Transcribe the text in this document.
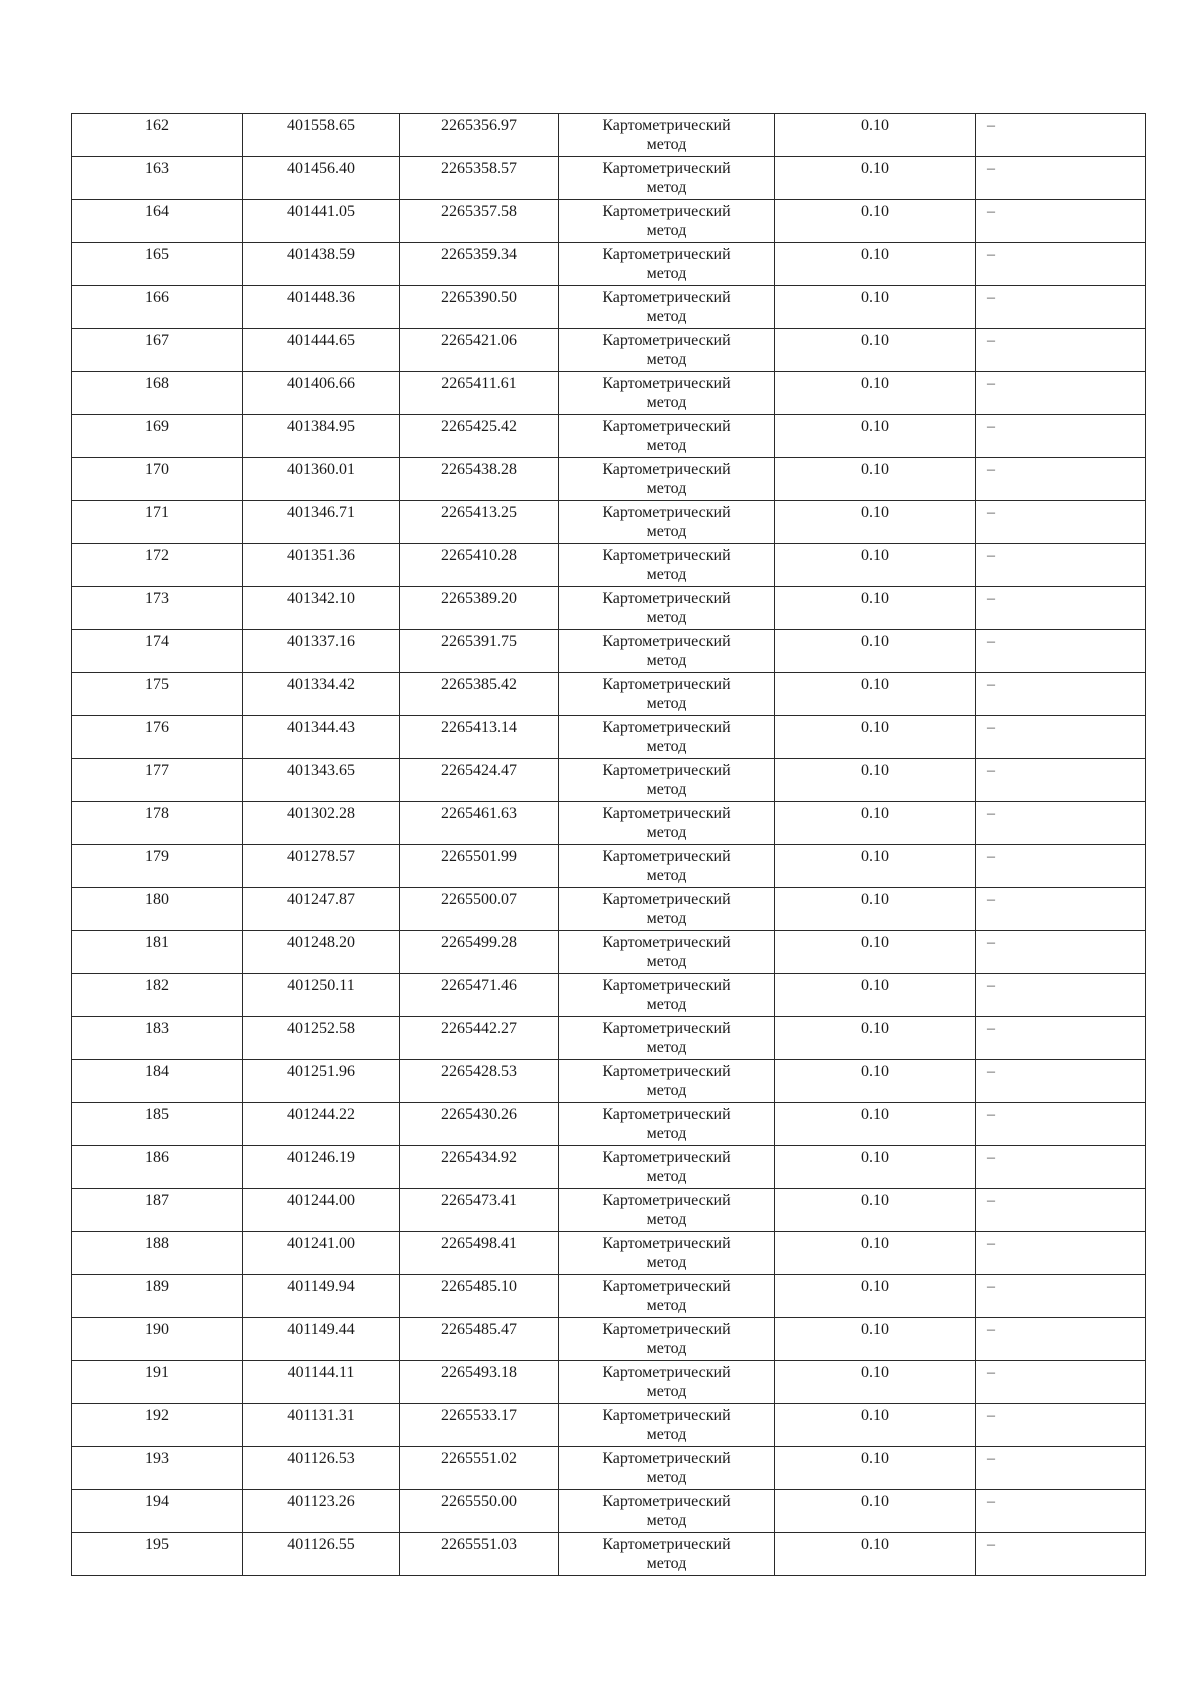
162	401558.65	2265356.97	Картометрический
метод	0.10	–

163	401456.40	2265358.57	Картометрический
метод	0.10	–

164	401441.05	2265357.58	Картометрический
метод	0.10	–

165	401438.59	2265359.34	Картометрический
метод	0.10	–

166	401448.36	2265390.50	Картометрический
метод	0.10	–

167	401444.65	2265421.06	Картометрический
метод	0.10	–

168	401406.66	2265411.61	Картометрический
метод	0.10	–

169	401384.95	2265425.42	Картометрический
метод	0.10	–

170	401360.01	2265438.28	Картометрический
метод	0.10	–

171	401346.71	2265413.25	Картометрический
метод	0.10	–

172	401351.36	2265410.28	Картометрический
метод	0.10	–

173	401342.10	2265389.20	Картометрический
метод	0.10	–

174	401337.16	2265391.75	Картометрический
метод	0.10	–

175	401334.42	2265385.42	Картометрический
метод	0.10	–

176	401344.43	2265413.14	Картометрический
метод	0.10	–

177	401343.65	2265424.47	Картометрический
метод	0.10	–

178	401302.28	2265461.63	Картометрический
метод	0.10	–

179	401278.57	2265501.99	Картометрический
метод	0.10	–

180	401247.87	2265500.07	Картометрический
метод	0.10	–

181	401248.20	2265499.28	Картометрический
метод	0.10	–

182	401250.11	2265471.46	Картометрический
метод	0.10	–

183	401252.58	2265442.27	Картометрический
метод	0.10	–

184	401251.96	2265428.53	Картометрический
метод	0.10	–

185	401244.22	2265430.26	Картометрический
метод	0.10	–

186	401246.19	2265434.92	Картометрический
метод	0.10	–

187	401244.00	2265473.41	Картометрический
метод	0.10	–

188	401241.00	2265498.41	Картометрический
метод	0.10	–

189	401149.94	2265485.10	Картометрический
метод	0.10	–

190	401149.44	2265485.47	Картометрический
метод	0.10	–

191	401144.11	2265493.18	Картометрический
метод	0.10	–

192	401131.31	2265533.17	Картометрический
метод	0.10	–

193	401126.53	2265551.02	Картометрический
метод	0.10	–

194	401123.26	2265550.00	Картометрический
метод	0.10	–

195	401126.55	2265551.03	Картометрический
метод	0.10	–
